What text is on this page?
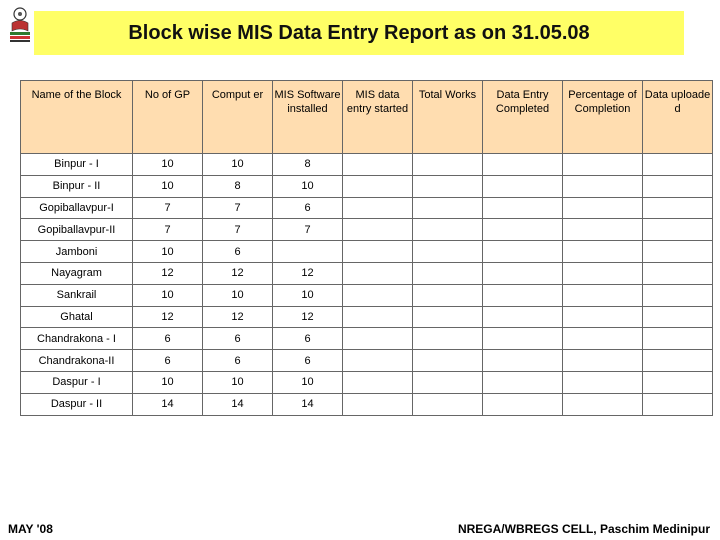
Block wise MIS Data Entry Report as on 31.05.08
Name of the Block	No of GP	Comput er	MIS Software installed	MIS data entry started	Total Works	Data Entry Completed	Percentage of Completion	Data uploade d
Binpur - I	10	10	8					
Binpur - II	10	8	10					
Gopiballavpur-I	7	7	6					
Gopiballavpur-II	7	7	7					
Jamboni	10	6						
Nayagram	12	12	12					
Sankrail	10	10	10					
Ghatal	12	12	12					
Chandrakona - I	6	6	6					
Chandrakona-II	6	6	6					
Daspur - I	10	10	10					
Daspur - II	14	14	14					
MAY '08	NREGA/WBREGS CELL, Paschim Medinipur
